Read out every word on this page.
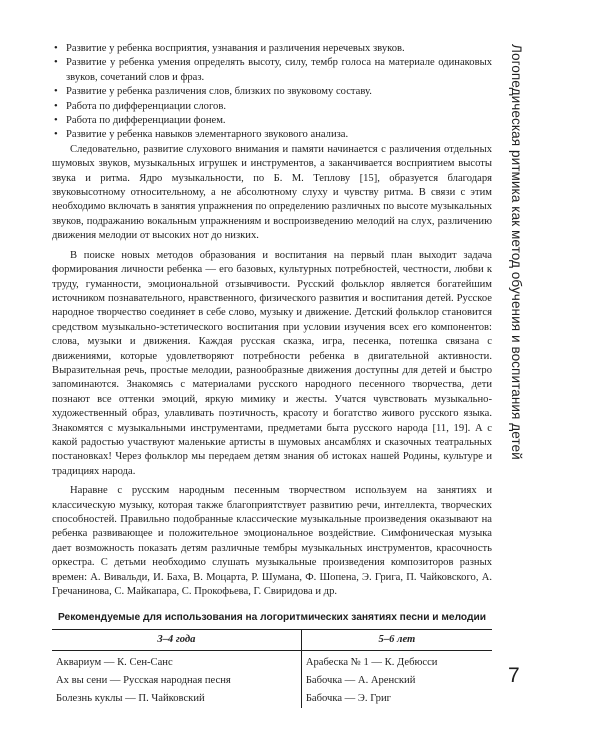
• Развитие у ребенка восприятия, узнавания и различения неречевых звуков.
• Развитие у ребенка умения определять высоту, силу, тембр голоса на материале одинаковых звуков, сочетаний слов и фраз.
• Развитие у ребенка различения слов, близких по звуковому составу.
• Работа по дифференциации слогов.
• Работа по дифференциации фонем.
• Развитие у ребенка навыков элементарного звукового анализа.

Следовательно, развитие слухового внимания и памяти начинается с различения отдельных шумовых звуков, музыкальных игрушек и инструментов, а заканчивается восприятием высоты звука и ритма. Ядро музыкальности, по Б. М. Теплову [15], образуется благодаря звуковысотному относительному, а не абсолютному слуху и чувству ритма. В связи с этим необходимо включать в занятия упражнения по определению различных по высоте музыкальных звуков, подражанию вокальным упражнениям и воспроизведению мелодий на слух, различению движения мелодии от высоких нот до низких.

В поиске новых методов образования и воспитания на первый план выходит задача формирования личности ребенка — его базовых, культурных потребностей, честности, любви к труду, гуманности, эмоциональной отзывчивости. Русский фольклор является богатейшим источником познавательного, нравственного, физического развития и воспитания детей. Русское народное творчество соединяет в себе слово, музыку и движение. Детский фольклор становится средством музыкально-эстетического воспитания при условии изучения всех его компонентов: слова, музыки и движения. Каждая русская сказка, игра, песенка, потешка связана с движениями, которые удовлетворяют потребности ребенка в двигательной активности. Выразительная речь, простые мелодии, разнообразные движения доступны для детей и быстро запоминаются. Знакомясь с материалами русского народного песенного творчества, дети познают все оттенки эмоций, яркую мимику и жесты. Учатся чувствовать музыкально-художественный образ, улавливать поэтичность, красоту и богатство живого русского языка. Знакомятся с музыкальными инструментами, предметами быта русского народа [11, 19]. А с какой радостью участвуют маленькие артисты в шумовых ансамблях и сказочных театральных постановках! Через фольклор мы передаем детям знания об истоках нашей Родины, культуре и традициях народа.

Наравне с русским народным песенным творчеством используем на занятиях и классическую музыку, которая также благоприятствует развитию речи, интеллекта, творческих способностей. Правильно подобранные классические музыкальные произведения оказывают на ребенка развивающее и положительное эмоциональное воздействие. Симфоническая музыка дает возможность показать детям различные тембры музыкальных инструментов, красочность оркестра. С детьми необходимо слушать музыкальные произведения композиторов разных времен: А. Вивальди, И. Баха, В. Моцарта, Р. Шумана, Ф. Шопена, Э. Грига, П. Чайковского, А. Гречанинова, С. Майкапара, С. Прокофьева, Г. Свиридова и др.

Рекомендуемые для использования на логоритмических занятиях песни и мелодии
3–4 года	5–6 лет
Аквариум — К. Сен-Санс	Арабеска № 1 — К. Дебюсси
Ах вы сени — Русская народная песня	Бабочка — А. Аренский
Болезнь куклы — П. Чайковский	Бабочка — Э. Григ
Логопедическая ритмика как метод обучения и воспитания детей
7
